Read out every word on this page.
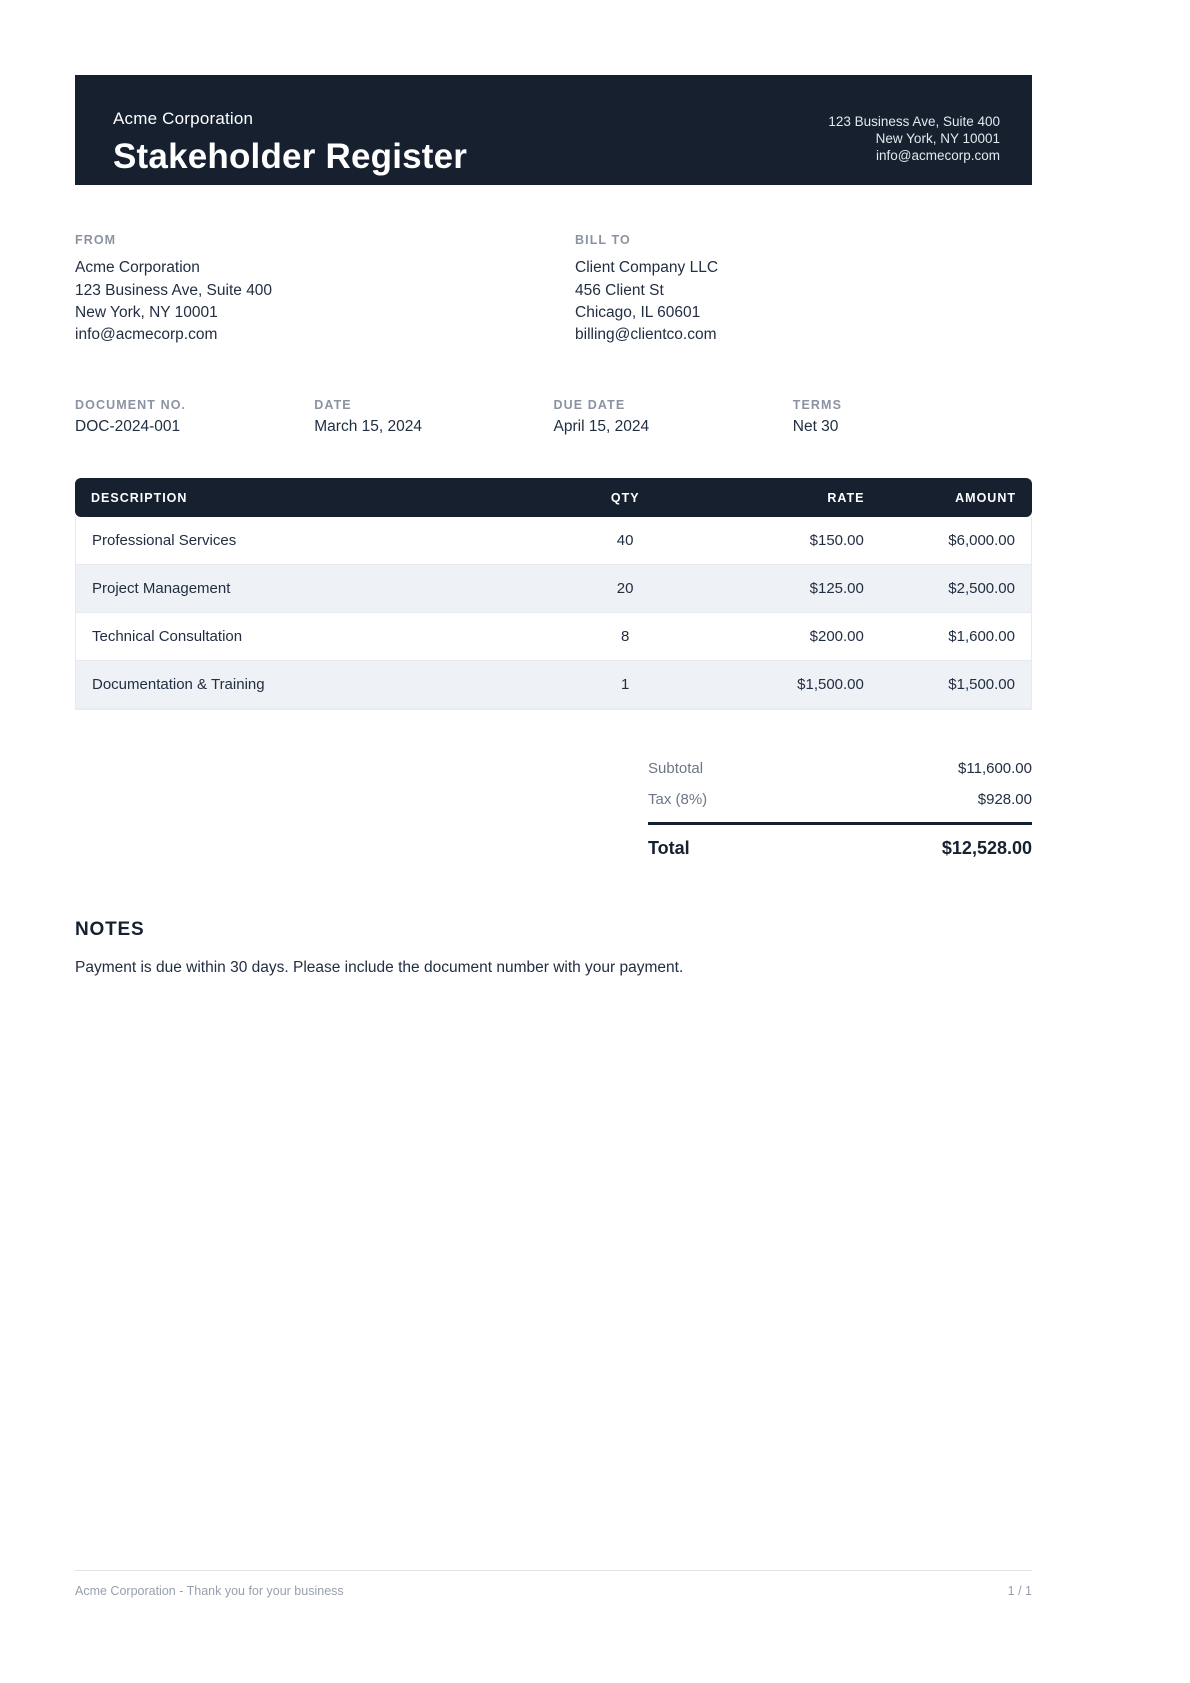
Acme Corporation
Stakeholder Register
123 Business Ave, Suite 400
New York, NY 10001
info@acmecorp.com
FROM
Acme Corporation
123 Business Ave, Suite 400
New York, NY 10001
info@acmecorp.com
BILL TO
Client Company LLC
456 Client St
Chicago, IL 60601
billing@clientco.com
DOCUMENT NO.
DOC-2024-001
DATE
March 15, 2024
DUE DATE
April 15, 2024
TERMS
Net 30
DESCRIPTION	QTY	RATE	AMOUNT
Professional Services	40	$150.00	$6,000.00
Project Management	20	$125.00	$2,500.00
Technical Consultation	8	$200.00	$1,600.00
Documentation & Training	1	$1,500.00	$1,500.00
Subtotal	$11,600.00
Tax (8%)	$928.00
Total	$12,528.00
NOTES
Payment is due within 30 days. Please include the document number with your payment.
Acme Corporation - Thank you for your business	1 / 1
